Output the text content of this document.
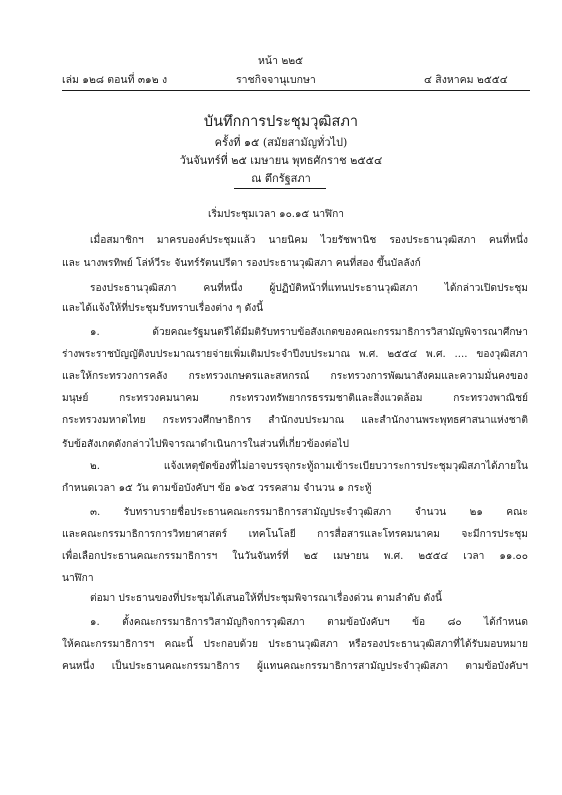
หน้า ๒๒๕
เล่ม ๑๒๘ ตอนที่ ๓๑๒ ง	ราชกิจจานุเบกษา	๔ สิงหาคม ๒๕๕๔
บันทึกการประชุมวุฒิสภา
ครั้งที่ ๑๕ (สมัยสามัญทั่วไป)
วันจันทร์ที่ ๒๕ เมษายน พุทธศักราช ๒๕๕๔
ณ ตึกรัฐสภา
เริ่มประชุมเวลา ๑๐.๑๕ นาฬิกา
เมื่อสมาชิกฯ มาครบองค์ประชุมแล้ว นายนิคม ไวยรัชพานิช รองประธานวุฒิสภา คนที่หนึ่ง
และ นางพรทิพย์ โล่ห์วีระ จันทร์รัตนปรีดา รองประธานวุฒิสภา คนที่สอง ขึ้นบัลลังก์
รองประธานวุฒิสภา คนที่หนึ่ง ผู้ปฏิบัติหน้าที่แทนประธานวุฒิสภา ได้กล่าวเปิดประชุม
และได้แจ้งให้ที่ประชุมรับทราบเรื่องต่าง ๆ ดังนี้
๑. ด้วยคณะรัฐมนตรีได้มีมติรับทราบข้อสังเกตของคณะกรรมาธิการวิสามัญพิจารณาศึกษา
ร่างพระราชบัญญัติงบประมาณรายจ่ายเพิ่มเติมประจำปีงบประมาณ พ.ศ. ๒๕๕๔ พ.ศ. .... ของวุฒิสภา
และให้กระทรวงการคลัง กระทรวงเกษตรและสหกรณ์ กระทรวงการพัฒนาสังคมและความมั่นคงของ
มนุษย์ กระทรวงคมนาคม กระทรวงทรัพยากรธรรมชาติและสิ่งแวดล้อม กระทรวงพาณิชย์
กระทรวงมหาดไทย กระทรวงศึกษาธิการ สำนักงบประมาณ และสำนักงานพระพุทธศาสนาแห่งชาติ
รับข้อสังเกตดังกล่าวไปพิจารณาดำเนินการในส่วนที่เกี่ยวข้องต่อไป
๒. แจ้งเหตุขัดข้องที่ไม่อาจบรรจุกระทู้ถามเข้าระเบียบวาระการประชุมวุฒิสภาได้ภายใน
กำหนดเวลา ๑๕ วัน ตามข้อบังคับฯ ข้อ ๑๖๕ วรรคสาม จำนวน ๑ กระทู้
๓. รับทราบรายชื่อประธานคณะกรรมาธิการสามัญประจำวุฒิสภา จำนวน ๒๑ คณะ
และคณะกรรมาธิการการวิทยาศาสตร์ เทคโนโลยี การสื่อสารและโทรคมนาคม จะมีการประชุม
เพื่อเลือกประธานคณะกรรมาธิการฯ ในวันจันทร์ที่ ๒๕ เมษายน พ.ศ. ๒๕๕๔ เวลา ๑๑.๐๐
นาฬิกา
ต่อมา ประธานของที่ประชุมได้เสนอให้ที่ประชุมพิจารณาเรื่องด่วน ตามลำดับ ดังนี้
๑. ตั้งคณะกรรมาธิการวิสามัญกิจการวุฒิสภา ตามข้อบังคับฯ ข้อ ๘๐ ได้กำหนด
ให้คณะกรรมาธิการฯ คณะนี้ ประกอบด้วย ประธานวุฒิสภา หรือรองประธานวุฒิสภาที่ได้รับมอบหมาย
คนหนึ่ง เป็นประธานคณะกรรมาธิการ ผู้แทนคณะกรรมาธิการสามัญประจำวุฒิสภา ตามข้อบังคับฯ
